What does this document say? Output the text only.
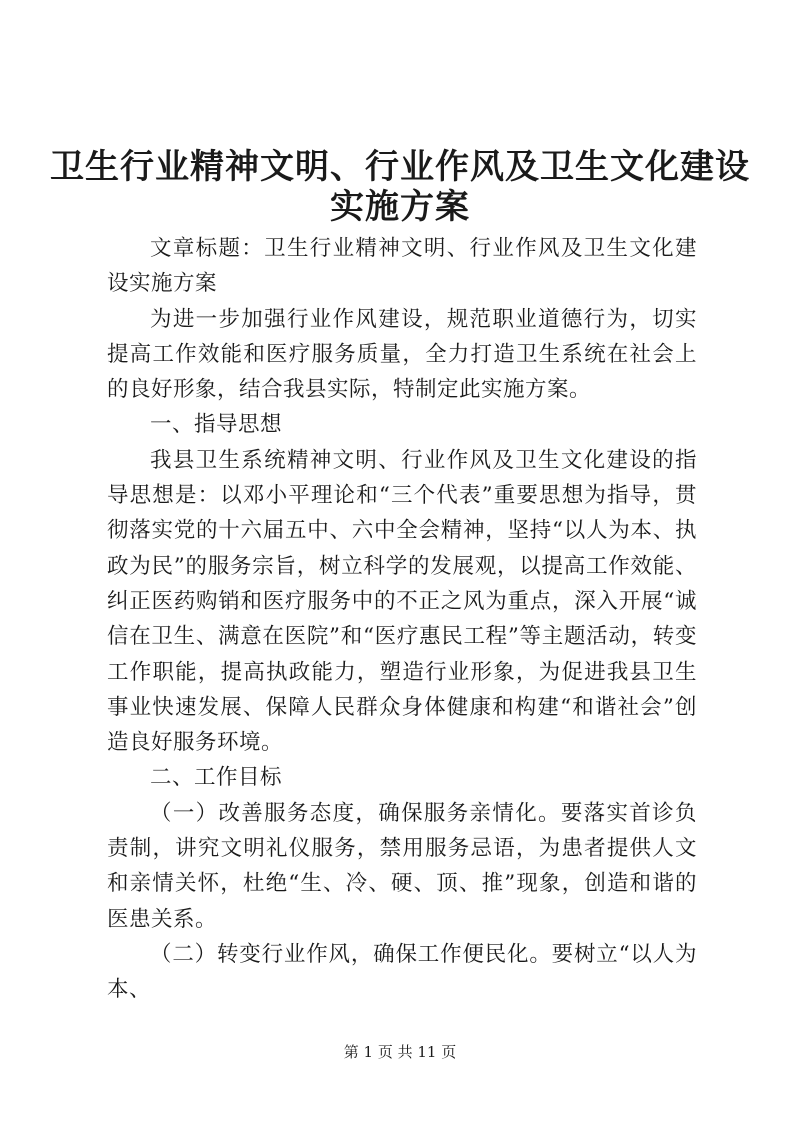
卫生行业精神文明、行业作风及卫生文化建设
实施方案

文章标题：卫生行业精神文明、行业作风及卫生文化建设实施方案

为进一步加强行业作风建设，规范职业道德行为，切实提高工作效能和医疗服务质量，全力打造卫生系统在社会上的良好形象，结合我县实际，特制定此实施方案。

一、指导思想

我县卫生系统精神文明、行业作风及卫生文化建设的指导思想是：以邓小平理论和“三个代表”重要思想为指导，贯彻落实党的十六届五中、六中全会精神，坚持“以人为本、执政为民”的服务宗旨，树立科学的发展观，以提高工作效能、纠正医药购销和医疗服务中的不正之风为重点，深入开展“诚信在卫生、满意在医院”和“医疗惠民工程”等主题活动，转变工作职能，提高执政能力，塑造行业形象，为促进我县卫生事业快速发展、保障人民群众身体健康和构建“和谐社会”创造良好服务环境。

二、工作目标

（一）改善服务态度，确保服务亲情化。要落实首诊负责制，讲究文明礼仪服务，禁用服务忌语，为患者提供人文和亲情关怀，杜绝“生、冷、硬、顶、推”现象，创造和谐的医患关系。

（二）转变行业作风，确保工作便民化。要树立“以人为本、

第 1 页 共 11 页
